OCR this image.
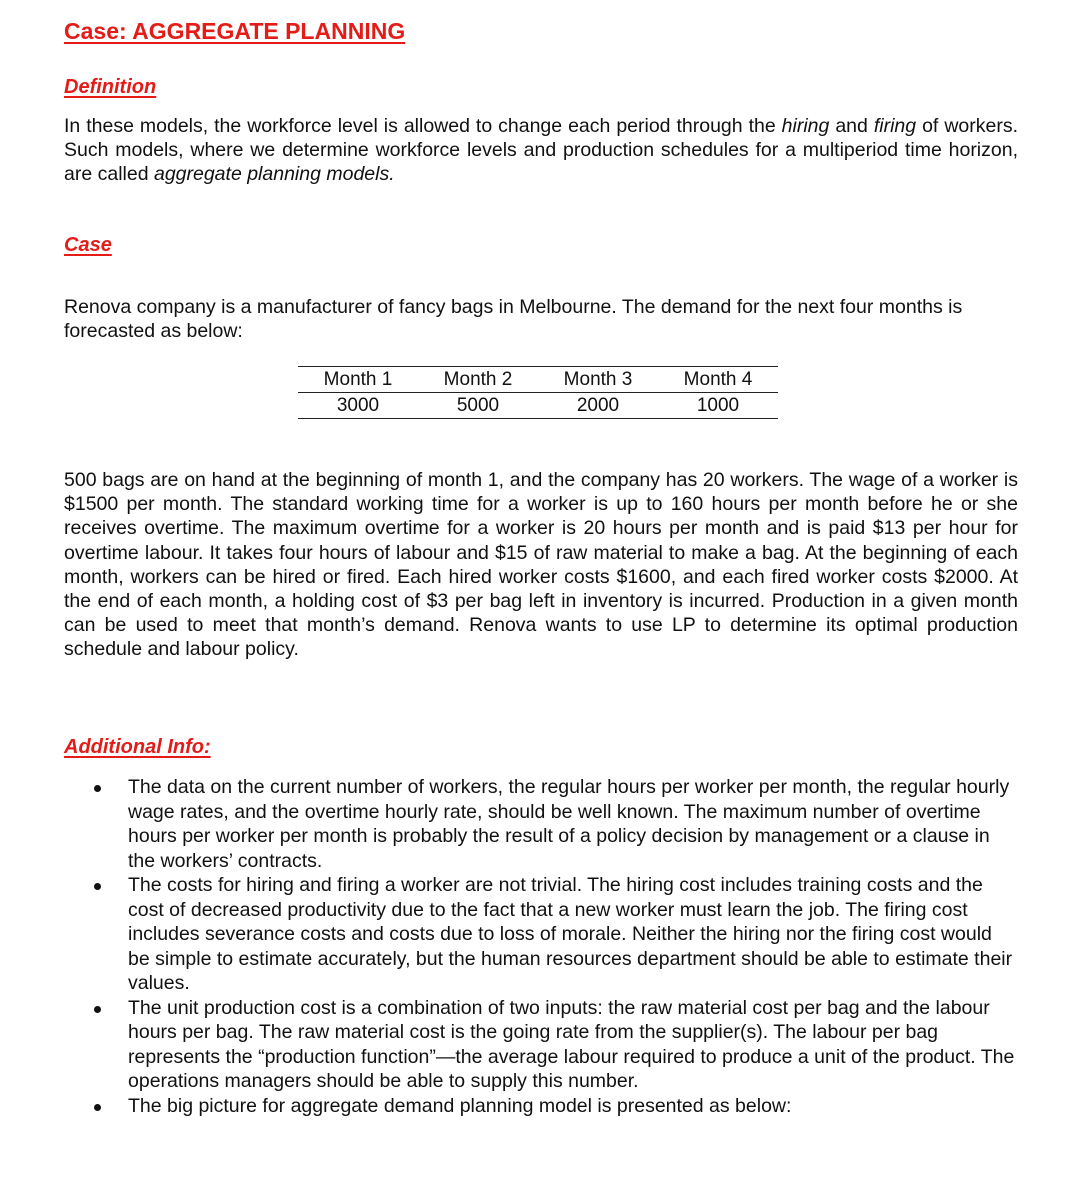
Case: AGGREGATE PLANNING
Definition

In these models, the workforce level is allowed to change each period through the hiring and firing of workers. Such models, where we determine workforce levels and production schedules for a multiperiod time horizon, are called aggregate planning models.

Case

Renova company is a manufacturer of fancy bags in Melbourne. The demand for the next four months is forecasted as below:

Month 1	Month 2	Month 3	Month 4
3000	5000	2000	1000

500 bags are on hand at the beginning of month 1, and the company has 20 workers. The wage of a worker is $1500 per month. The standard working time for a worker is up to 160 hours per month before he or she receives overtime. The maximum overtime for a worker is 20 hours per month and is paid $13 per hour for overtime labour. It takes four hours of labour and $15 of raw material to make a bag. At the beginning of each month, workers can be hired or fired. Each hired worker costs $1600, and each fired worker costs $2000. At the end of each month, a holding cost of $3 per bag left in inventory is incurred. Production in a given month can be used to meet that month’s demand. Renova wants to use LP to determine its optimal production schedule and labour policy.

Additional Info:
The data on the current number of workers, the regular hours per worker per month, the regular hourly wage rates, and the overtime hourly rate, should be well known. The maximum number of overtime hours per worker per month is probably the result of a policy decision by management or a clause in the workers’ contracts.
The costs for hiring and firing a worker are not trivial. The hiring cost includes training costs and the cost of decreased productivity due to the fact that a new worker must learn the job. The firing cost includes severance costs and costs due to loss of morale. Neither the hiring nor the firing cost would be simple to estimate accurately, but the human resources department should be able to estimate their values.
The unit production cost is a combination of two inputs: the raw material cost per bag and the labour hours per bag. The raw material cost is the going rate from the supplier(s). The labour per bag represents the “production function”—the average labour required to produce a unit of the product. The operations managers should be able to supply this number.
The big picture for aggregate demand planning model is presented as below:
